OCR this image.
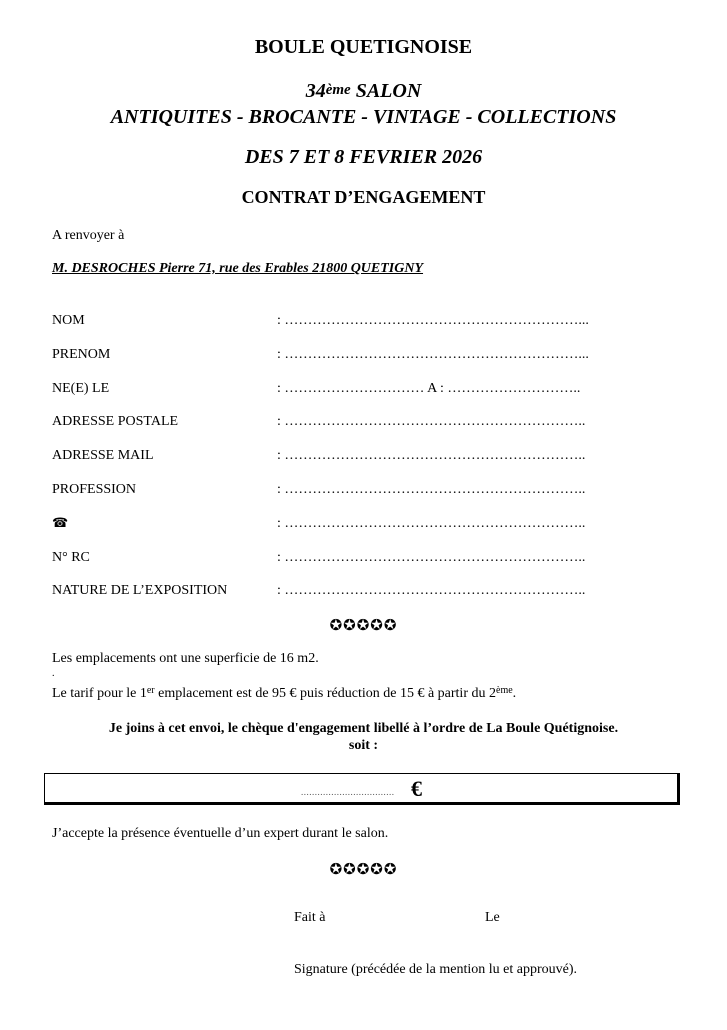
BOULE QUETIGNOISE
34ème SALON
ANTIQUITES - BROCANTE - VINTAGE - COLLECTIONS
DES 7 ET 8 FEVRIER 2026
CONTRAT D’ENGAGEMENT
A renvoyer à
M. DESROCHES Pierre 71, rue des Erables 21800 QUETIGNY
NOM	: ………………………………………………………...
PRENOM	: ………………………………………………………...
NE(E) LE	: ………………………… A : ………………………..
ADRESSE POSTALE	: ………………………………………………………..
ADRESSE MAIL	: ………………………………………………………..
PROFESSION	: ………………………………………………………..
☎	: ………………………………………………………..
N° RC	: ………………………………………………………..
NATURE DE L’EXPOSITION	: ………………………………………………………..
✪✪✪✪✪
Les emplacements ont une superficie de 16 m2.
.
Le tarif pour le 1er emplacement est de 95 € puis réduction de 15 € à partir du 2ème.
Je joins à cet envoi, le chèque d'engagement libellé à l’ordre de La Boule Quétignoise.
soit :
.................................. €
J’accepte la présence éventuelle d’un expert durant le salon.
✪✪✪✪✪
Fait à	Le
Signature (précédée de la mention lu et approuvé).
